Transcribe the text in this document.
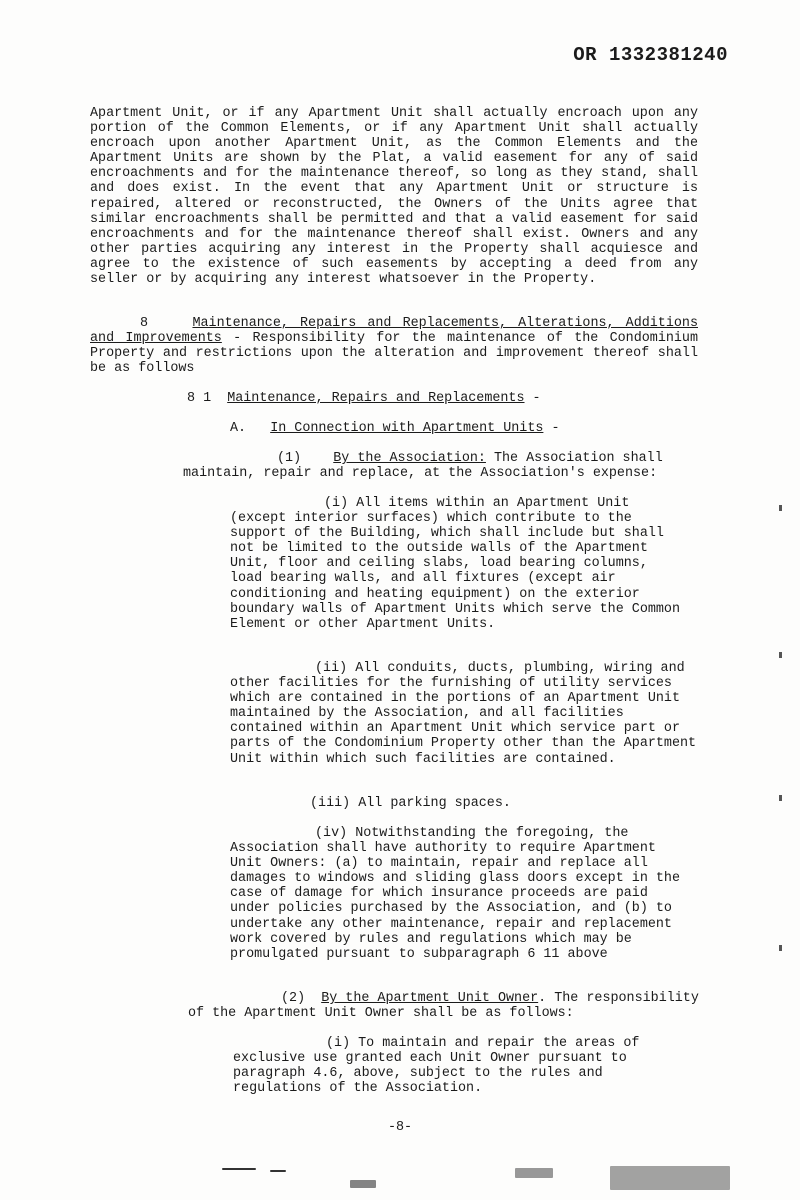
OR 1332381240

Apartment Unit, or if any Apartment Unit shall actually encroach upon any portion of the Common Elements, or if any Apartment Unit shall actually encroach upon another Apartment Unit, as the Common Elements and the Apartment Units are shown by the Plat, a valid easement for any of said encroachments and for the maintenance thereof, so long as they stand, shall and does exist. In the event that any Apartment Unit or structure is repaired, altered or reconstructed, the Owners of the Units agree that similar encroachments shall be permitted and that a valid easement for said encroachments and for the maintenance thereof shall exist. Owners and any other parties acquiring any interest in the Property shall acquiesce and agree to the existence of such easements by accepting a deed from any seller or by acquiring any interest whatsoever in the Property.

8	Maintenance, Repairs and Replacements, Alterations, Additions and Improvements - Responsibility for the maintenance of the Condominium Property and restrictions upon the alteration and improvement thereof shall be as follows

8 1 Maintenance, Repairs and Replacements -

A. In Connection with Apartment Units -

(1) By the Association: The Association shall maintain, repair and replace, at the Association's expense:

(i) All items within an Apartment Unit (except interior surfaces) which contribute to the support of the Building, which shall include but shall not be limited to the outside walls of the Apartment Unit, floor and ceiling slabs, load bearing columns, load bearing walls, and all fixtures (except air conditioning and heating equipment) on the exterior boundary walls of Apartment Units which serve the Common Element or other Apartment Units.

(ii) All conduits, ducts, plumbing, wiring and other facilities for the furnishing of utility services which are contained in the portions of an Apartment Unit maintained by the Association, and all facilities contained within an Apartment Unit which service part or parts of the Condominium Property other than the Apartment Unit within which such facilities are contained.

(iii) All parking spaces.

(iv) Notwithstanding the foregoing, the Association shall have authority to require Apartment Unit Owners: (a) to maintain, repair and replace all damages to windows and sliding glass doors except in the case of damage for which insurance proceeds are paid under policies purchased by the Association, and (b) to undertake any other maintenance, repair and replacement work covered by rules and regulations which may be promulgated pursuant to subparagraph 6 11 above

(2) By the Apartment Unit Owner. The responsibility of the Apartment Unit Owner shall be as follows:

(i) To maintain and repair the areas of exclusive use granted each Unit Owner pursuant to paragraph 4.6, above, subject to the rules and regulations of the Association.

-8-
